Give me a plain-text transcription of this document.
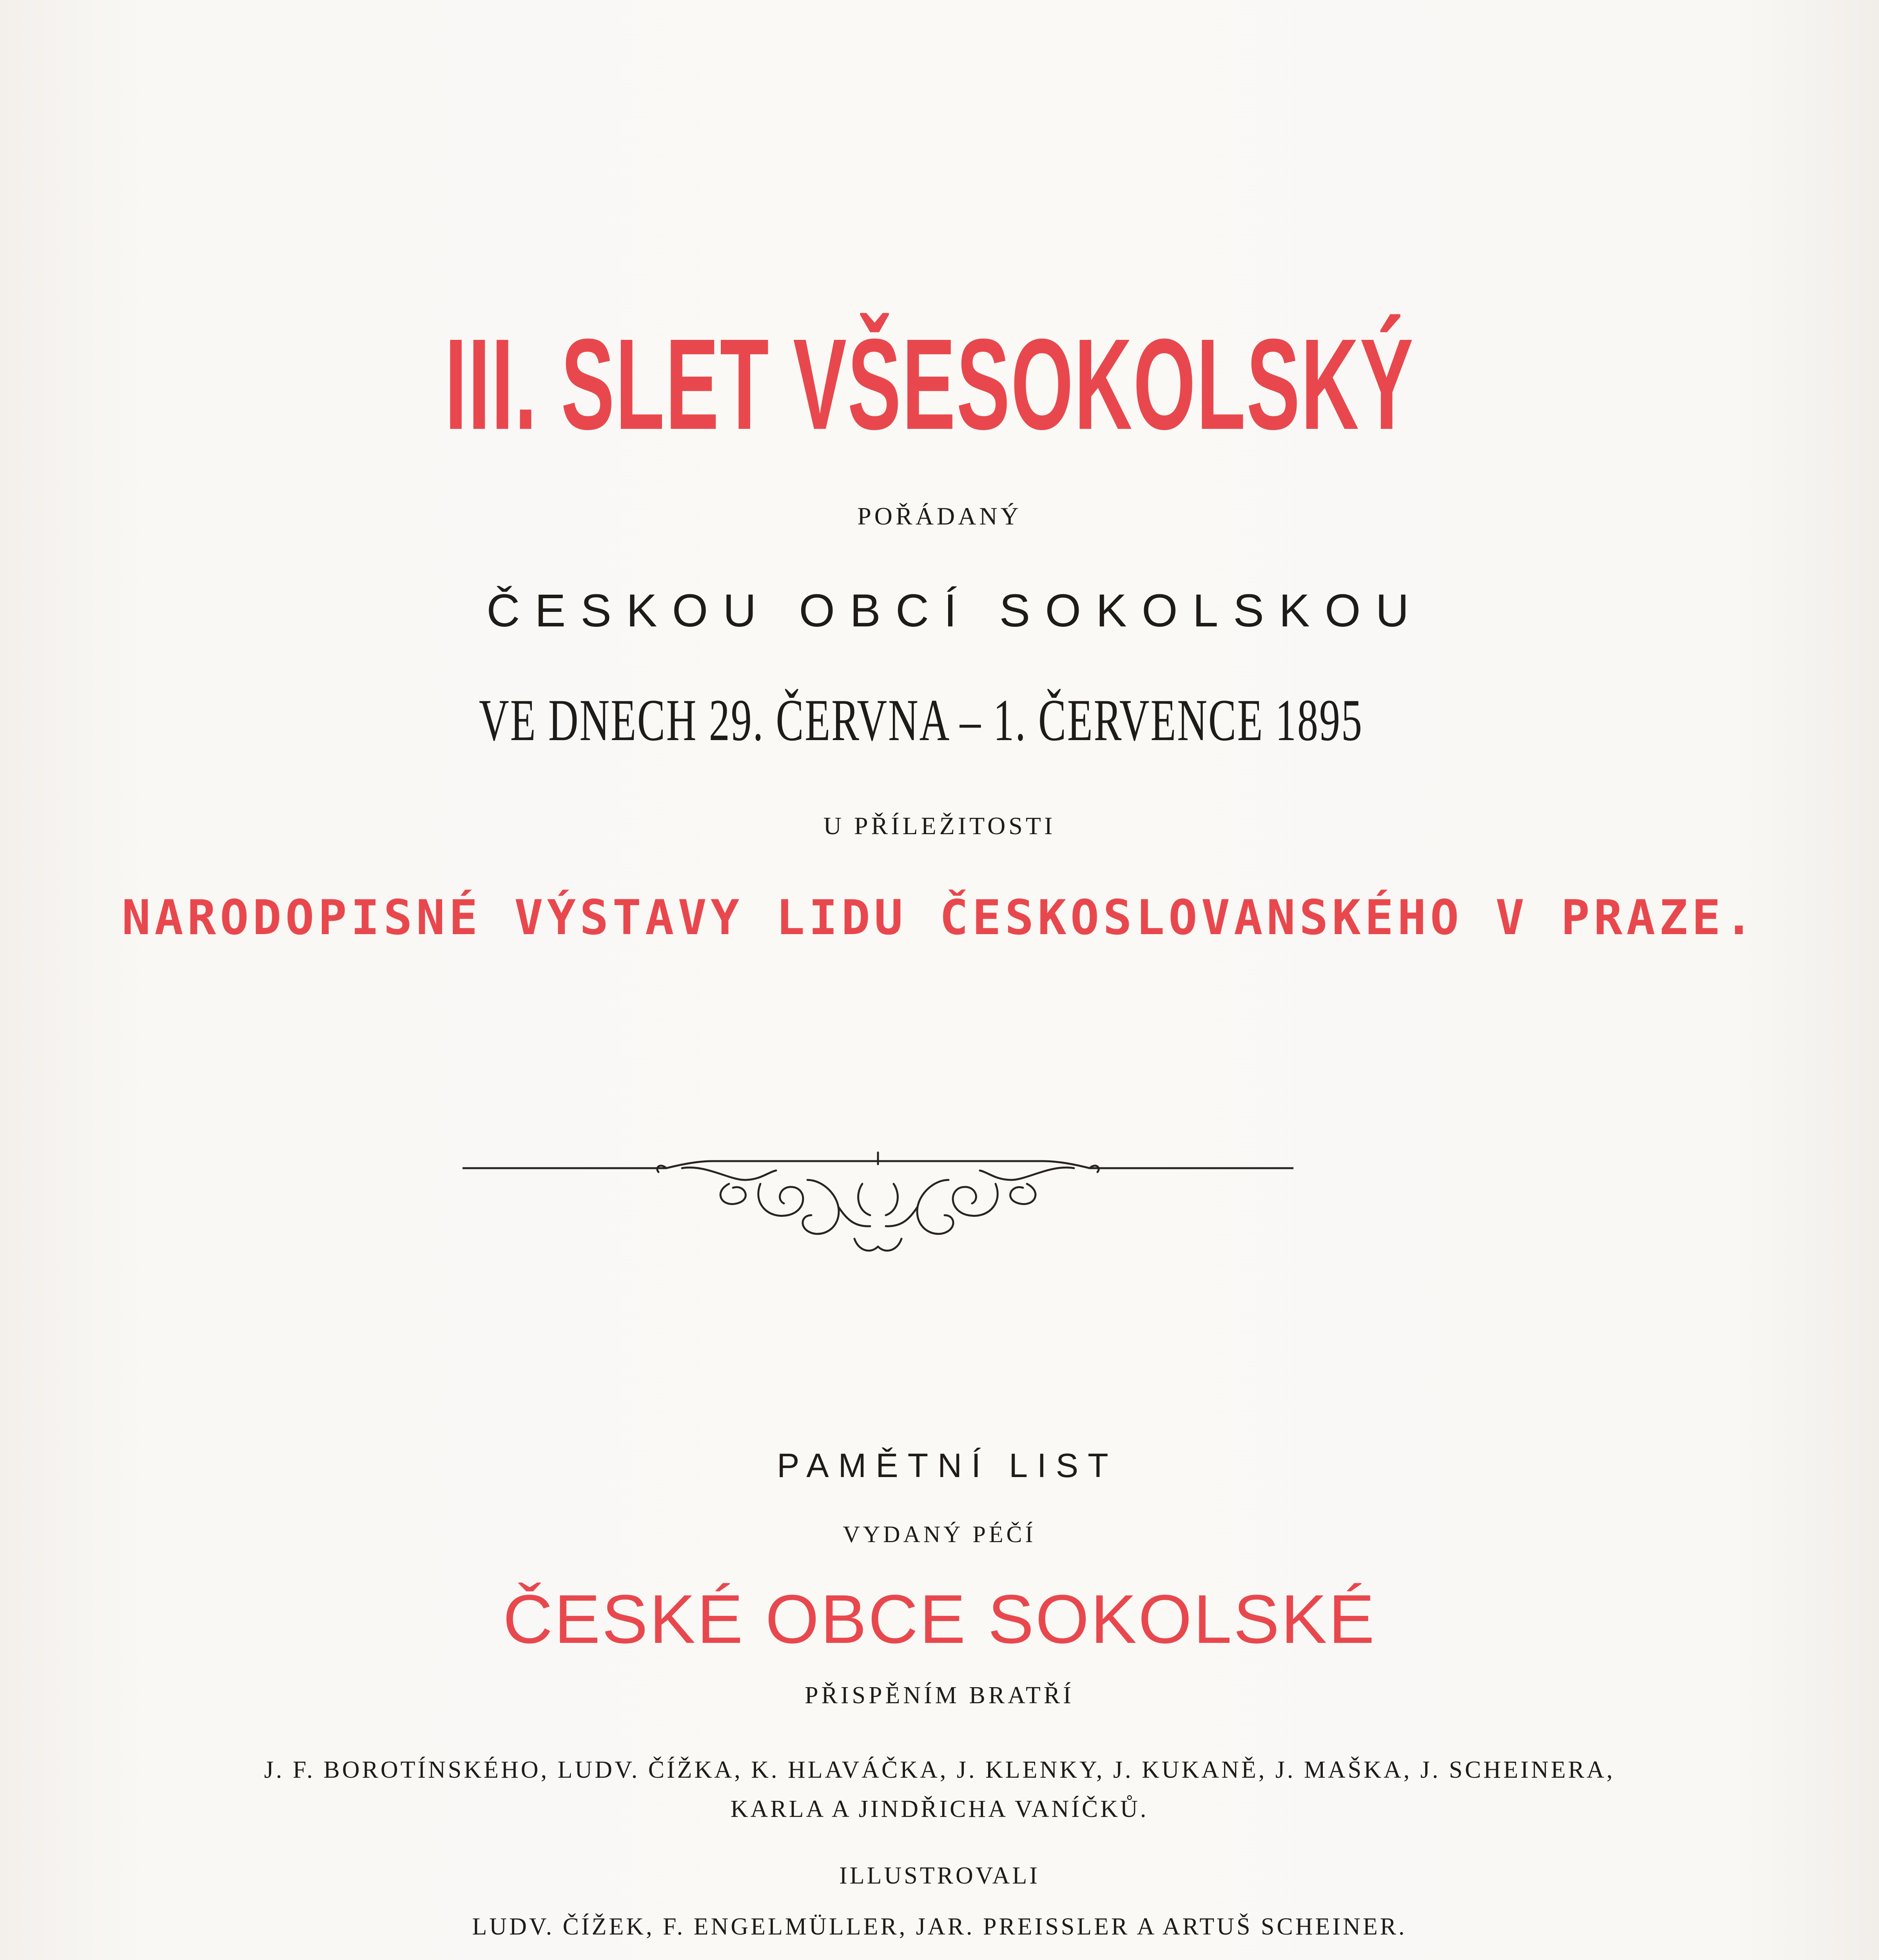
III. SLET VŠESOKOLSKÝ
POŘÁDANÝ
ČESKOU OBCÍ SOKOLSKOU
VE DNECH 29. ČERVNA – 1. ČERVENCE 1895
U PŘÍLEŽITOSTI
NARODOPISNÉ VÝSTAVY LIDU ČESKOSLOVANSKÉHO V PRAZE.
PAMĚTNÍ LIST
VYDANÝ PÉČÍ
ČESKÉ OBCE SOKOLSKÉ
PŘISPĚNÍM BRATŘÍ
J. F. BOROTÍNSKÉHO, LUDV. ČÍŽKA, K. HLAVÁČKA, J. KLENKY, J. KUKANĚ, J. MAŠKA, J. SCHEINERA,
KARLA A JINDŘICHA VANÍČKŮ.
ILLUSTROVALI
LUDV. ČÍŽEK, F. ENGELMÜLLER, JAR. PREISSLER A ARTUŠ SCHEINER.
